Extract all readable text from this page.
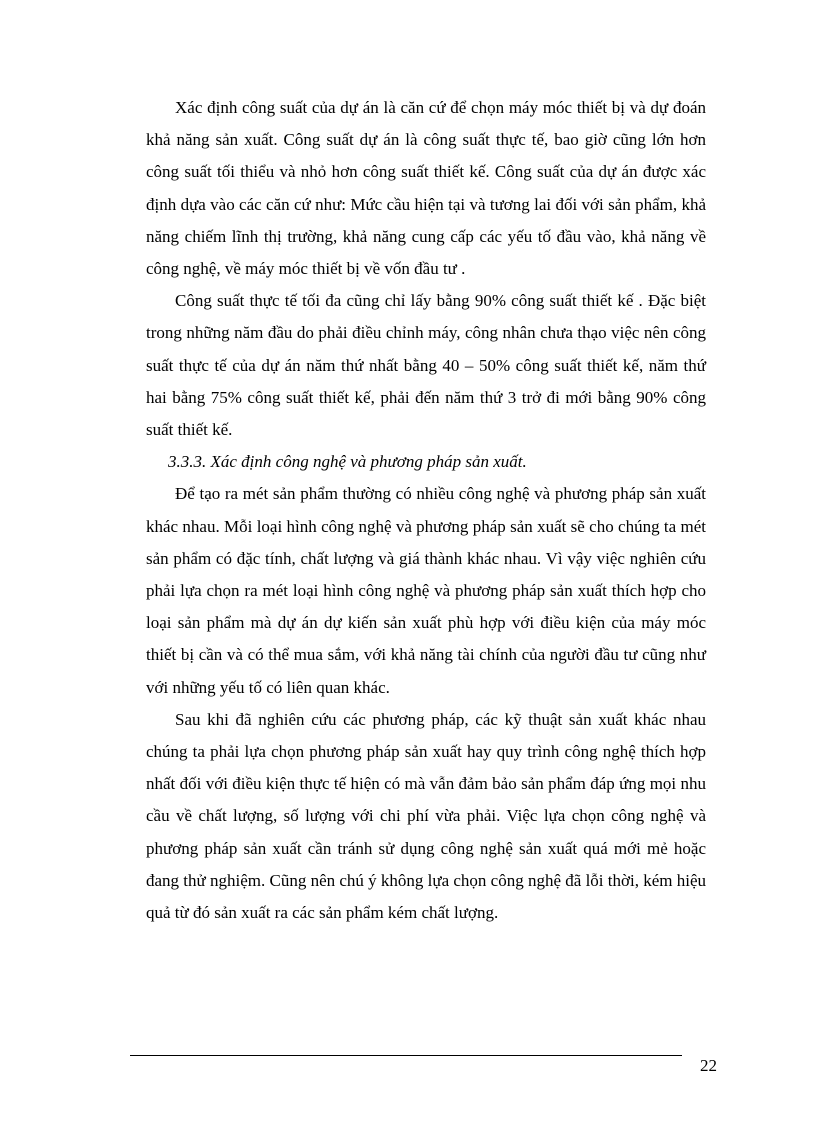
Xác định công suất của dự án là căn cứ để chọn máy móc thiết bị và dự đoán khả năng sản xuất. Công suất dự án là công suất thực tế, bao giờ cũng lớn hơn công suất tối thiểu và nhỏ hơn công suất thiết kế. Công suất của dự án được xác định dựa vào các căn cứ như: Mức cầu hiện tại và tương lai đối với sản phẩm, khả năng chiếm lĩnh thị trường, khả năng cung cấp các yếu tố đầu vào, khả năng về công nghệ, về máy móc thiết bị về vốn đầu tư .

Công suất thực tế tối đa cũng chỉ lấy bằng 90% công suất thiết kế . Đặc biệt trong những năm đầu do phải điều chỉnh máy, công nhân chưa thạo việc nên công suất thực tế của dự án năm thứ nhất bằng 40 – 50% công suất thiết kế, năm thứ hai bằng 75% công suất thiết kế, phải đến năm thứ 3 trở đi mới bằng 90% công suất thiết kế.

3.3.3. Xác định công nghệ và phương pháp sản xuất.

Để tạo ra mét sản phẩm thường có nhiều công nghệ và phương pháp sản xuất khác nhau. Mỗi loại hình công nghệ và phương pháp sản xuất sẽ cho chúng ta mét sản phẩm có đặc tính, chất lượng và giá thành khác nhau. Vì vậy việc nghiên cứu phải lựa chọn ra mét loại hình công nghệ và phương pháp sản xuất thích hợp cho loại sản phẩm mà dự án dự kiến sản xuất phù hợp với điều kiện của máy móc thiết bị cần và có thể mua sắm, với khả năng tài chính của người đầu tư cũng như với những yếu tố có liên quan khác.

Sau khi đã nghiên cứu các phương pháp, các kỹ thuật sản xuất khác nhau chúng ta phải lựa chọn phương pháp sản xuất hay quy trình công nghệ thích hợp nhất đối với điều kiện thực tế hiện có mà vẫn đảm bảo sản phẩm đáp ứng mọi nhu cầu về chất lượng, số lượng với chi phí vừa phải. Việc lựa chọn công nghệ và phương pháp sản xuất cần tránh sử dụng công nghệ sản xuất quá mới mẻ hoặc đang thử nghiệm. Cũng nên chú ý không lựa chọn công nghệ đã lỗi thời, kém hiệu quả từ đó sản xuất ra các sản phẩm kém chất lượng.

22
